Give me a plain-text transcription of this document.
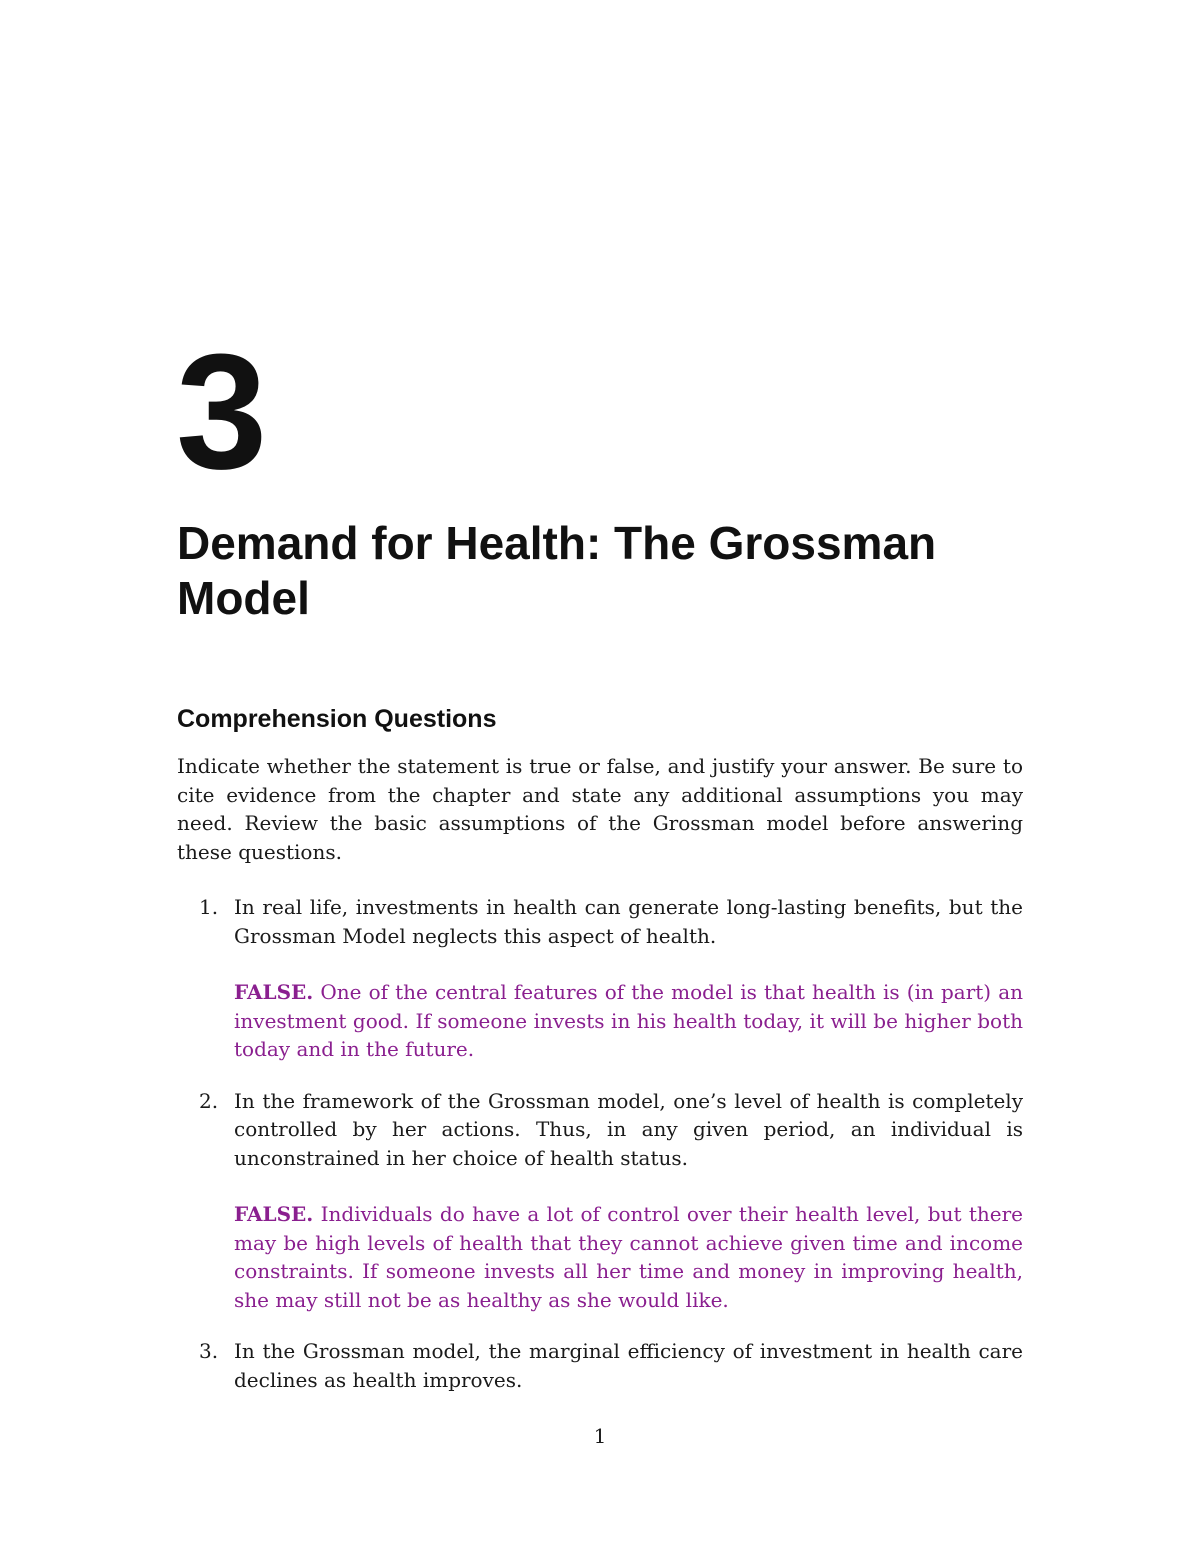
3
Demand for Health: The Grossman Model
Comprehension Questions

Indicate whether the statement is true or false, and justify your answer. Be sure to cite evidence from the chapter and state any additional assumptions you may need. Review the basic assumptions of the Grossman model before answering these questions.

1. In real life, investments in health can generate long-lasting benefits, but the Grossman Model neglects this aspect of health.

FALSE. One of the central features of the model is that health is (in part) an investment good. If someone invests in his health today, it will be higher both today and in the future.

2. In the framework of the Grossman model, one’s level of health is completely controlled by her actions. Thus, in any given period, an individual is unconstrained in her choice of health status.

FALSE. Individuals do have a lot of control over their health level, but there may be high levels of health that they cannot achieve given time and income constraints. If someone invests all her time and money in improving health, she may still not be as healthy as she would like.

3. In the Grossman model, the marginal efficiency of investment in health care declines as health improves.

1
